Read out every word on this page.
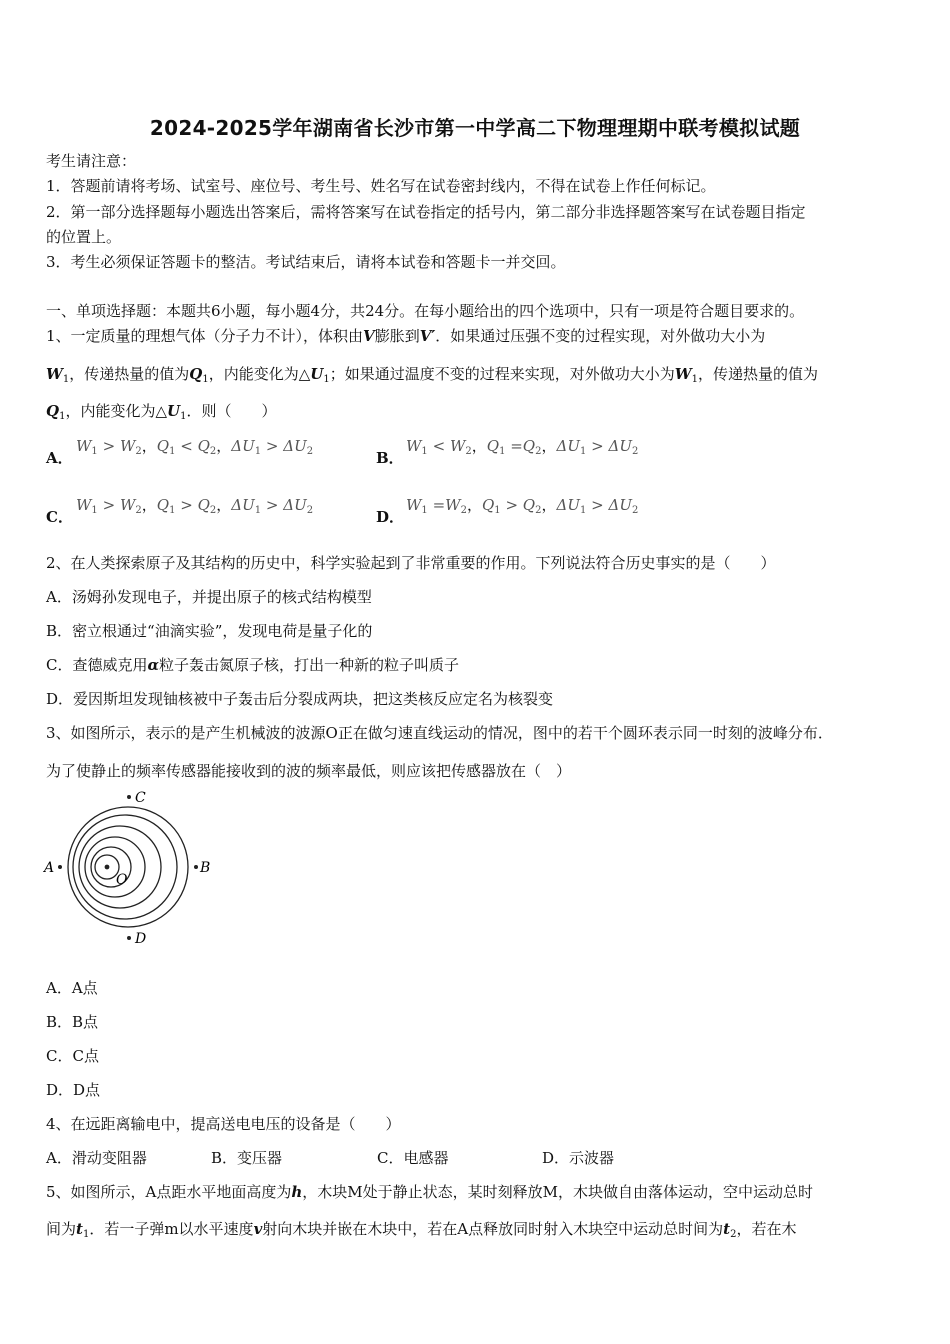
2024-2025学年湖南省长沙市第一中学高二下物理理期中联考模拟试题
考生请注意：
1．答题前请将考场、试室号、座位号、考生号、姓名写在试卷密封线内，不得在试卷上作任何标记。
2．第一部分选择题每小题选出答案后，需将答案写在试卷指定的括号内，第二部分非选择题答案写在试卷题目指定
的位置上。
3．考生必须保证答题卡的整洁。考试结束后，请将本试卷和答题卡一并交回。
一、单项选择题：本题共6小题，每小题4分，共24分。在每小题给出的四个选项中，只有一项是符合题目要求的。
1、一定质量的理想气体（分子力不计），体积由V膨胀到V′．如果通过压强不变的过程实现，对外做功大小为
$W_1$，传递热量的值为$Q_1$，内能变化为$\triangle U_1$；如果通过温度不变的过程来实现，对外做功大小为$W_1$，传递热量的值为
$Q_1$，内能变化为$\triangle U_1$．则（　　）
A．
$W_1 > W_2$，$Q_1 < Q_2$，$\Delta U_1 > \Delta U_2$	B．
$W_1 < W_2$，$Q_1 =Q_2$，$\Delta U_1 > \Delta U_2$
C．
$W_1 > W_2$，$Q_1 > Q_2$，$\Delta U_1 > \Delta U_2$	D．
$W_1 =W_2$，$Q_1 > Q_2$，$\Delta U_1 > \Delta U_2$
2、在人类探索原子及其结构的历史中，科学实验起到了非常重要的作用。下列说法符合历史事实的是（　　）
A．汤姆孙发现电子，并提出原子的核式结构模型
B．密立根通过“油滴实验”，发现电荷是量子化的
C．查德威克用α粒子轰击氮原子核，打出一种新的粒子叫质子
D．爱因斯坦发现铀核被中子轰击后分裂成两块，把这类核反应定名为核裂变
3、如图所示，表示的是产生机械波的波源O正在做匀速直线运动的情况，图中的若干个圆环表示同一时刻的波峰分布．
为了使静止的频率传感器能接收到的波的频率最低，则应该把传感器放在（　）
O
A	B
C
D
A．A点
B．B点
C．C点
D．D点
4、在远距离输电中，提高送电电压的设备是（　　）
A．滑动变阻器	B．变压器	C．电感器	D．示波器
5、如图所示，A点距水平地面高度为h，木块M处于静止状态，某时刻释放M，木块做自由落体运动，空中运动总时
间为$t_1$．若一子弹m以水平速度v射向木块并嵌在木块中，若在A点释放同时射入木块空中运动总时间为$t_2$，若在木
